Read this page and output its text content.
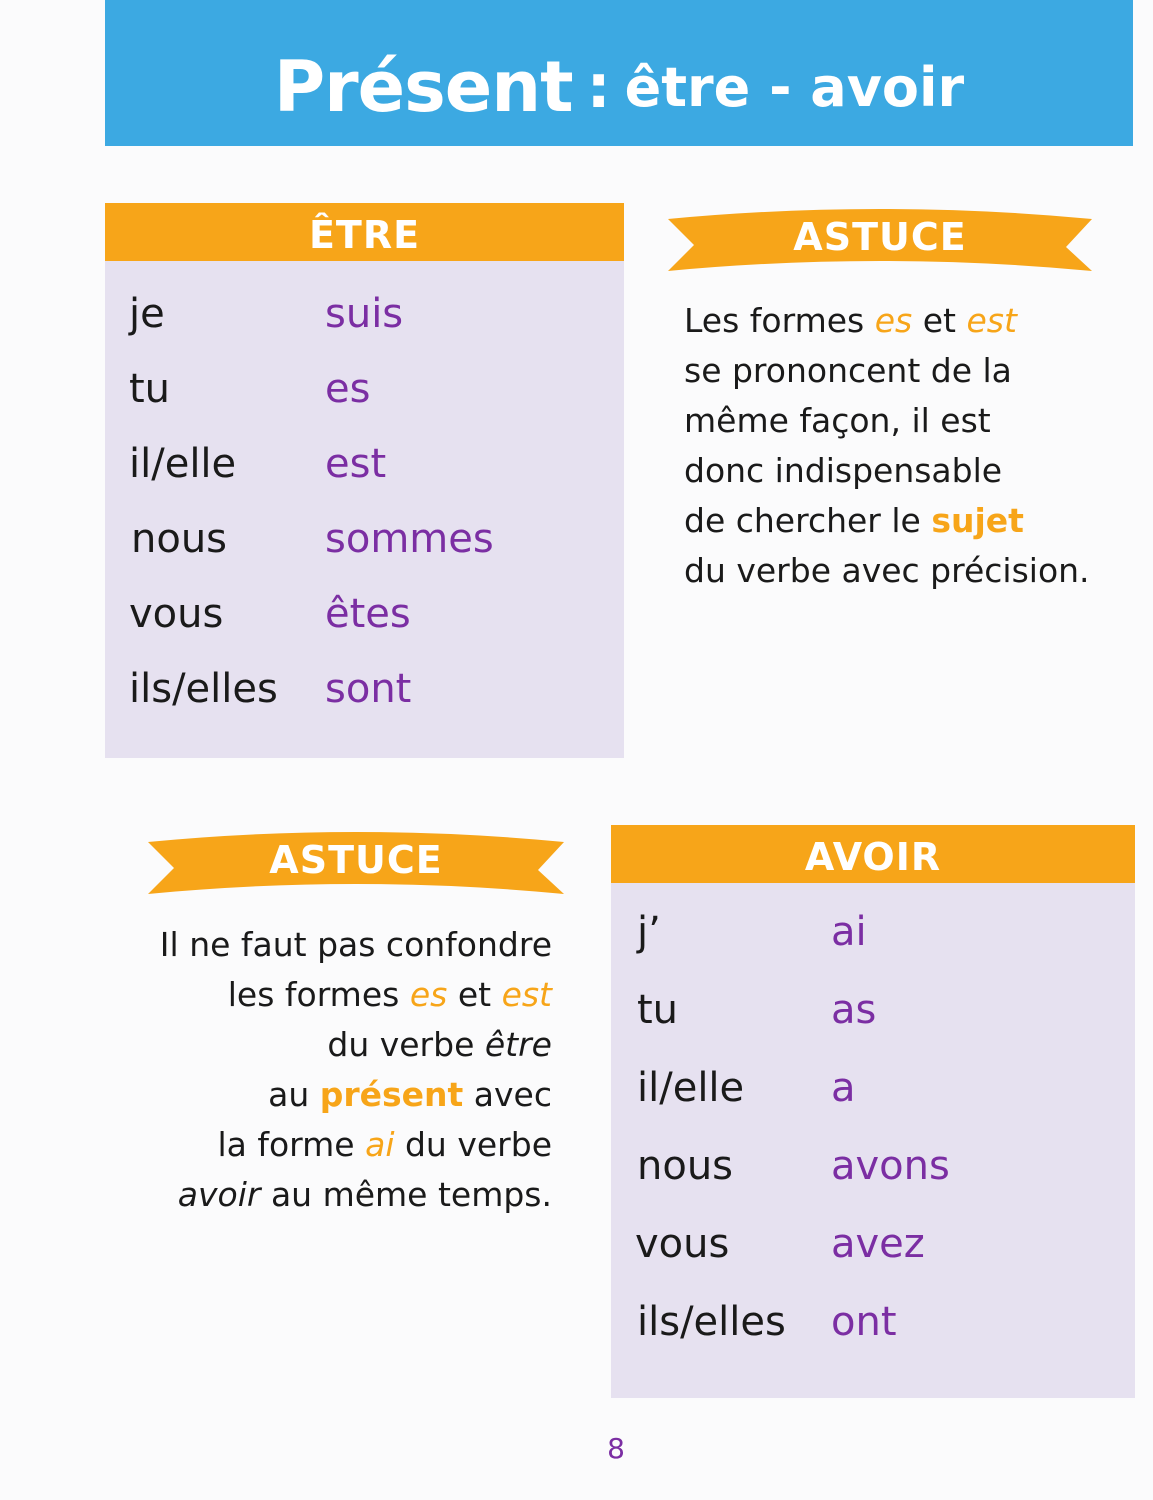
Présent : être - avoir
ÊTRE
je	suis
tu	es
il/elle est
nous sommes
vous	êtes
ils/elles sont
ASTUCE
Les formes es et est
se prononcent de la
même façon, il est
donc indispensable
de chercher le sujet
du verbe avec précision.
ASTUCE
Il ne faut pas confondre
les formes es et est
du verbe être
au présent avec
la forme ai du verbe
avoir au même temps.
AVOIR
j’	ai
tu	as
il/elle a
nous avons
vous	avez
ils/elles ont
8
